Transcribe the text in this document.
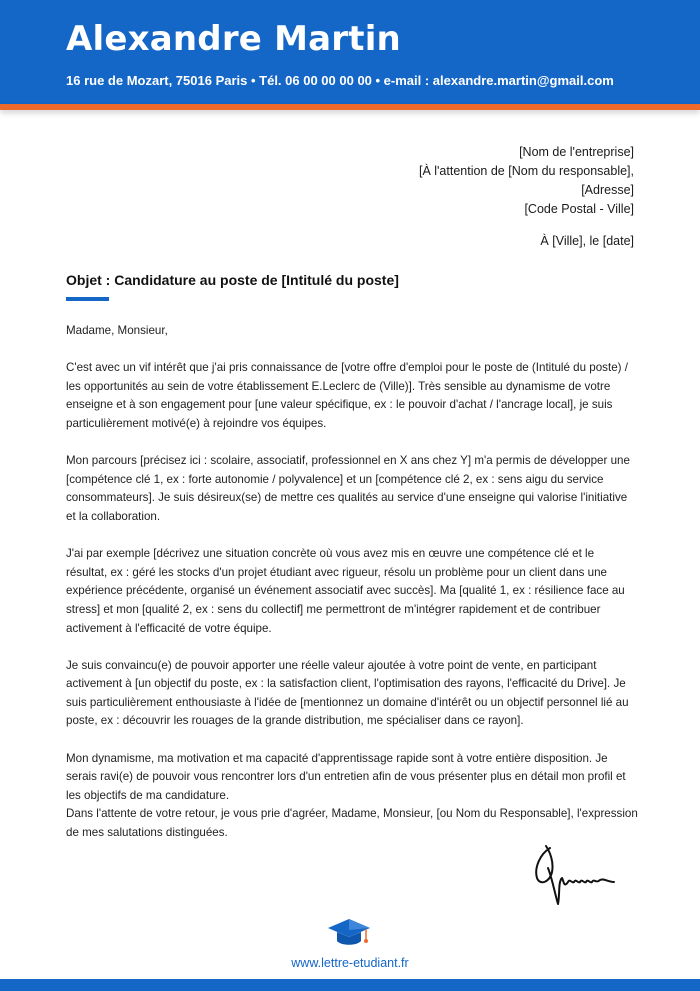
Alexandre Martin
16 rue de Mozart, 75016 Paris • Tél. 06 00 00 00 00 • e-mail : alexandre.martin@gmail.com
[Nom de l'entreprise]
[À l'attention de [Nom du responsable],
[Adresse]
[Code Postal - Ville]
À [Ville], le [date]
Objet : Candidature au poste de [Intitulé du poste]

Madame, Monsieur,

C'est avec un vif intérêt que j'ai pris connaissance de [votre offre d'emploi pour le poste de (Intitulé du poste) / les opportunités au sein de votre établissement E.Leclerc de (Ville)]. Très sensible au dynamisme de votre enseigne et à son engagement pour [une valeur spécifique, ex : le pouvoir d'achat / l'ancrage local], je suis particulièrement motivé(e) à rejoindre vos équipes.

Mon parcours [précisez ici : scolaire, associatif, professionnel en X ans chez Y] m'a permis de développer une [compétence clé 1, ex : forte autonomie / polyvalence] et un [compétence clé 2, ex : sens aigu du service consommateurs]. Je suis désireux(se) de mettre ces qualités au service d'une enseigne qui valorise l'initiative et la collaboration.

J'ai par exemple [décrivez une situation concrète où vous avez mis en œuvre une compétence clé et le résultat, ex : géré les stocks d'un projet étudiant avec rigueur, résolu un problème pour un client dans une expérience précédente, organisé un événement associatif avec succès]. Ma [qualité 1, ex : résilience face au stress] et mon [qualité 2, ex : sens du collectif] me permettront de m'intégrer rapidement et de contribuer activement à l'efficacité de votre équipe.

Je suis convaincu(e) de pouvoir apporter une réelle valeur ajoutée à votre point de vente, en participant activement à [un objectif du poste, ex : la satisfaction client, l'optimisation des rayons, l'efficacité du Drive]. Je suis particulièrement enthousiaste à l'idée de [mentionnez un domaine d'intérêt ou un objectif personnel lié au poste, ex : découvrir les rouages de la grande distribution, me spécialiser dans ce rayon].

Mon dynamisme, ma motivation et ma capacité d'apprentissage rapide sont à votre entière disposition. Je serais ravi(e) de pouvoir vous rencontrer lors d'un entretien afin de vous présenter plus en détail mon profil et les objectifs de ma candidature.

Dans l'attente de votre retour, je vous prie d'agréer, Madame, Monsieur, [ou Nom du Responsable], l'expression de mes salutations distinguées.

www.lettre-etudiant.fr
